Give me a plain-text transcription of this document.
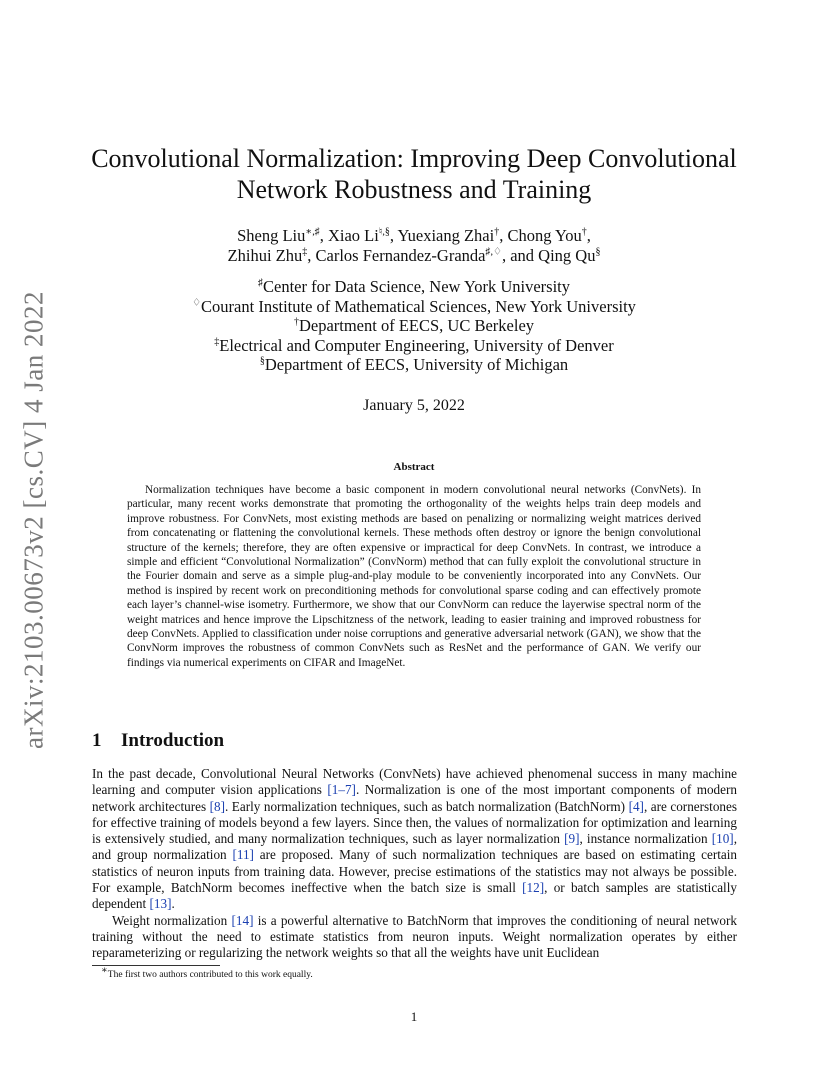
arXiv:2103.00673v2 [cs.CV] 4 Jan 2022
Convolutional Normalization: Improving Deep Convolutional
Network Robustness and Training
Sheng Liu∗,♯, Xiao Li♮,§, Yuexiang Zhai†, Chong You†,
Zhihui Zhu‡, Carlos Fernandez-Granda♯,♢, and Qing Qu§
♯Center for Data Science, New York University
♢Courant Institute of Mathematical Sciences, New York University
†Department of EECS, UC Berkeley
‡Electrical and Computer Engineering, University of Denver
§Department of EECS, University of Michigan
January 5, 2022
Abstract

Normalization techniques have become a basic component in modern convolutional neural networks (ConvNets). In particular, many recent works demonstrate that promoting the orthogonality of the weights helps train deep models and improve robustness. For ConvNets, most existing methods are based on penalizing or normalizing weight matrices derived from concatenating or flattening the convolutional kernels. These methods often destroy or ignore the benign convolutional structure of the kernels; therefore, they are often expensive or impractical for deep ConvNets. In contrast, we introduce a simple and efficient “Convolutional Normalization” (ConvNorm) method that can fully exploit the convolutional structure in the Fourier domain and serve as a simple plug-and-play module to be conveniently incorporated into any ConvNets. Our method is inspired by recent work on preconditioning methods for convolutional sparse coding and can effectively promote each layer’s channel-wise isometry. Furthermore, we show that our ConvNorm can reduce the layerwise spectral norm of the weight matrices and hence improve the Lipschitzness of the network, leading to easier training and improved robustness for deep ConvNets. Applied to classification under noise corruptions and generative adversarial network (GAN), we show that the ConvNorm improves the robustness of common ConvNets such as ResNet and the performance of GAN. We verify our findings via numerical experiments on CIFAR and ImageNet.

1 Introduction

In the past decade, Convolutional Neural Networks (ConvNets) have achieved phenomenal success in many machine learning and computer vision applications [1–7]. Normalization is one of the most important components of modern network architectures [8]. Early normalization techniques, such as batch normalization (BatchNorm) [4], are cornerstones for effective training of models beyond a few layers. Since then, the values of normalization for optimization and learning is extensively studied, and many normalization techniques, such as layer normalization [9], instance normalization [10], and group normalization [11] are proposed. Many of such normalization techniques are based on estimating certain statistics of neuron inputs from training data. However, precise estimations of the statistics may not always be possible. For example, BatchNorm becomes ineffective when the batch size is small [12], or batch samples are statistically dependent [13].

Weight normalization [14] is a powerful alternative to BatchNorm that improves the conditioning of neural network training without the need to estimate statistics from neuron inputs. Weight normalization operates by either reparameterizing or regularizing the network weights so that all the weights have unit Euclidean

∗The first two authors contributed to this work equally.
1
